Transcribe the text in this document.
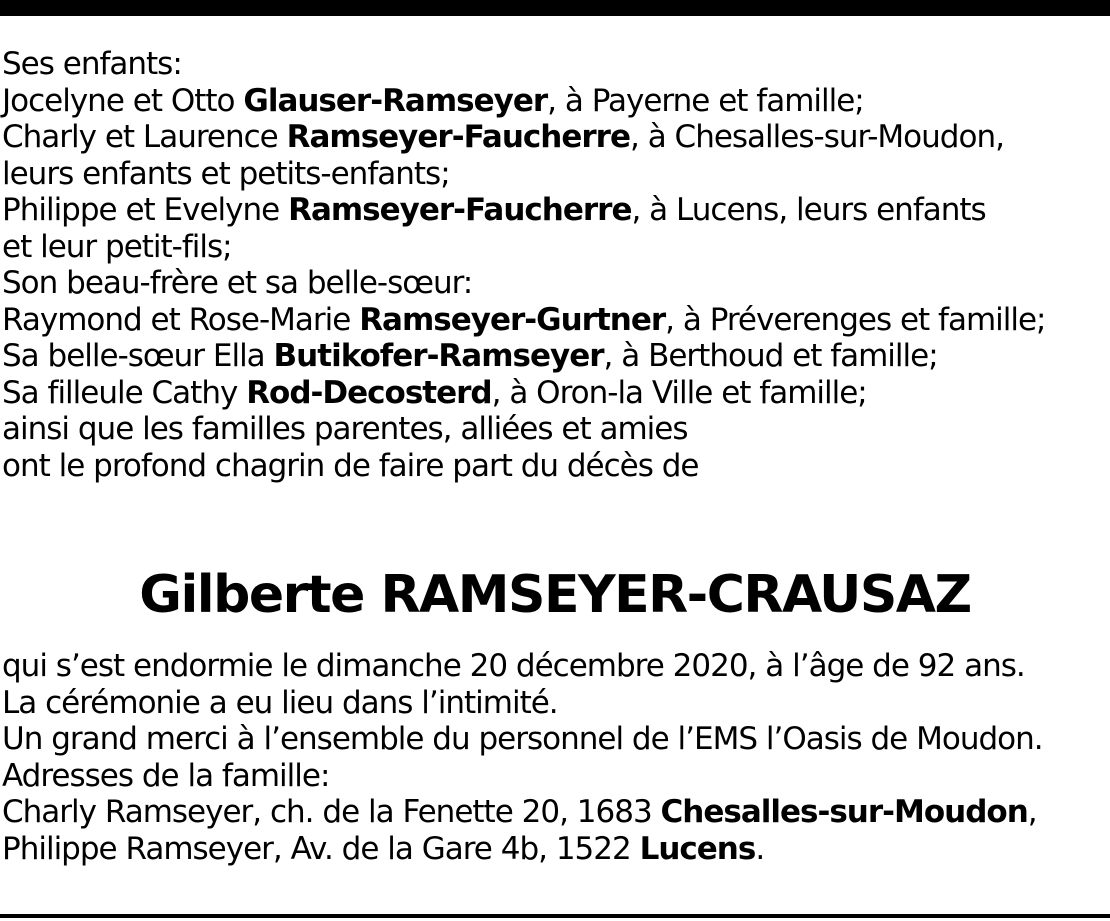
Ses enfants:
Jocelyne et Otto Glauser-Ramseyer, à Payerne et famille;
Charly et Laurence Ramseyer-Faucherre, à Chesalles-sur-Moudon,
leurs enfants et petits-enfants;
Philippe et Evelyne Ramseyer-Faucherre, à Lucens, leurs enfants
et leur petit-fils;
Son beau-frère et sa belle-sœur:
Raymond et Rose-Marie Ramseyer-Gurtner, à Préverenges et famille;
Sa belle-sœur Ella Butikofer-Ramseyer, à Berthoud et famille;
Sa filleule Cathy Rod-Decosterd, à Oron-la Ville et famille;
ainsi que les familles parentes, alliées et amies
ont le profond chagrin de faire part du décès de
Gilberte RAMSEYER-CRAUSAZ
qui s’est endormie le dimanche 20 décembre 2020, à l’âge de 92 ans.
La cérémonie a eu lieu dans l’intimité.
Un grand merci à l’ensemble du personnel de l’EMS l’Oasis de Moudon.
Adresses de la famille:
Charly Ramseyer, ch. de la Fenette 20, 1683 Chesalles-sur-Moudon,
Philippe Ramseyer, Av. de la Gare 4b, 1522 Lucens.
